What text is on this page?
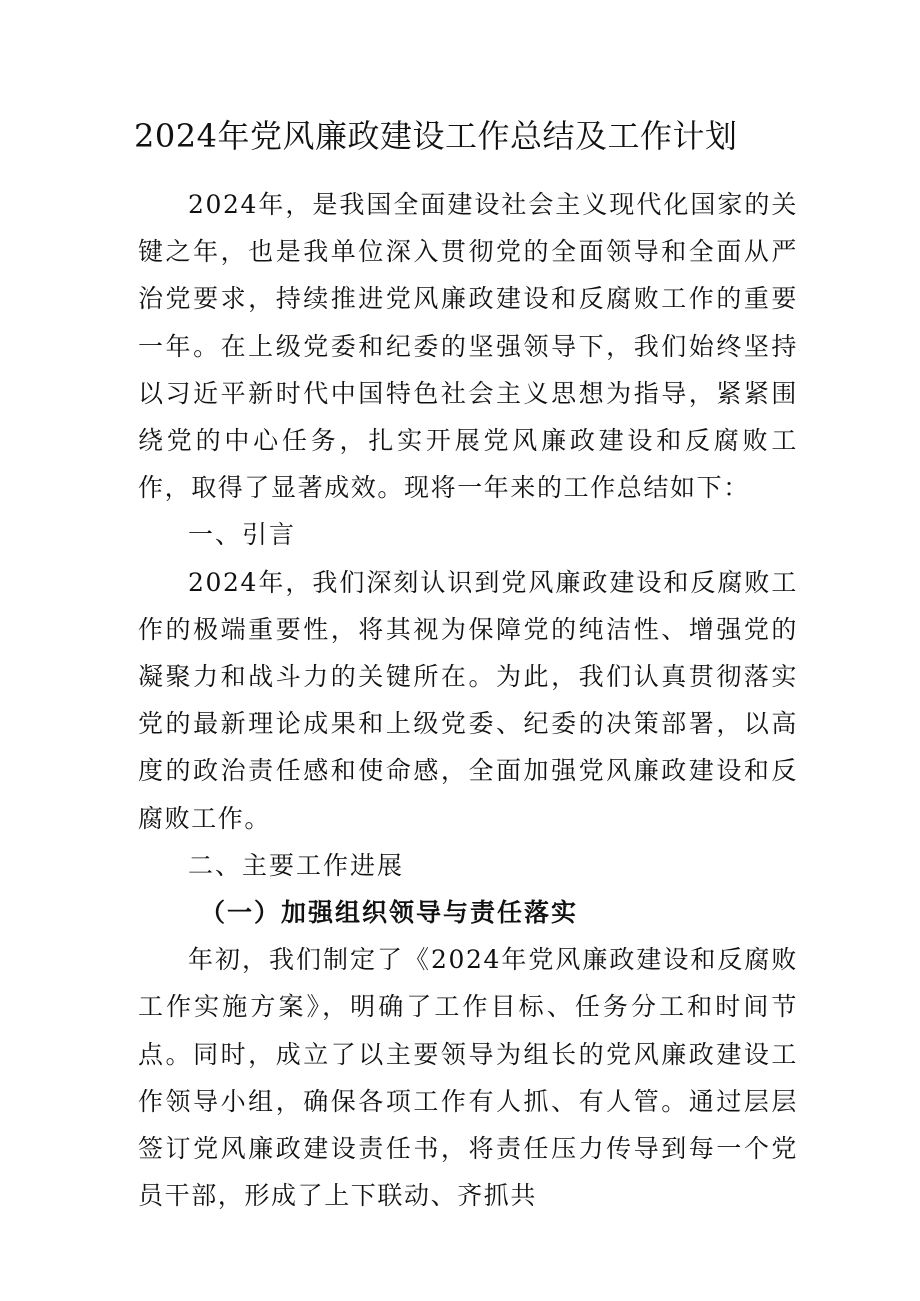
2024年党风廉政建设工作总结及工作计划

2024年，是我国全面建设社会主义现代化国家的关键之年，也是我单位深入贯彻党的全面领导和全面从严治党要求，持续推进党风廉政建设和反腐败工作的重要一年。在上级党委和纪委的坚强领导下，我们始终坚持以习近平新时代中国特色社会主义思想为指导，紧紧围绕党的中心任务，扎实开展党风廉政建设和反腐败工作，取得了显著成效。现将一年来的工作总结如下：

一、引言

2024年，我们深刻认识到党风廉政建设和反腐败工作的极端重要性，将其视为保障党的纯洁性、增强党的凝聚力和战斗力的关键所在。为此，我们认真贯彻落实党的最新理论成果和上级党委、纪委的决策部署，以高度的政治责任感和使命感，全面加强党风廉政建设和反腐败工作。

二、主要工作进展

（一）加强组织领导与责任落实

年初，我们制定了《2024年党风廉政建设和反腐败工作实施方案》，明确了工作目标、任务分工和时间节点。同时，成立了以主要领导为组长的党风廉政建设工作领导小组，确保各项工作有人抓、有人管。通过层层签订党风廉政建设责任书，将责任压力传导到每一个党员干部，形成了上下联动、齐抓共
